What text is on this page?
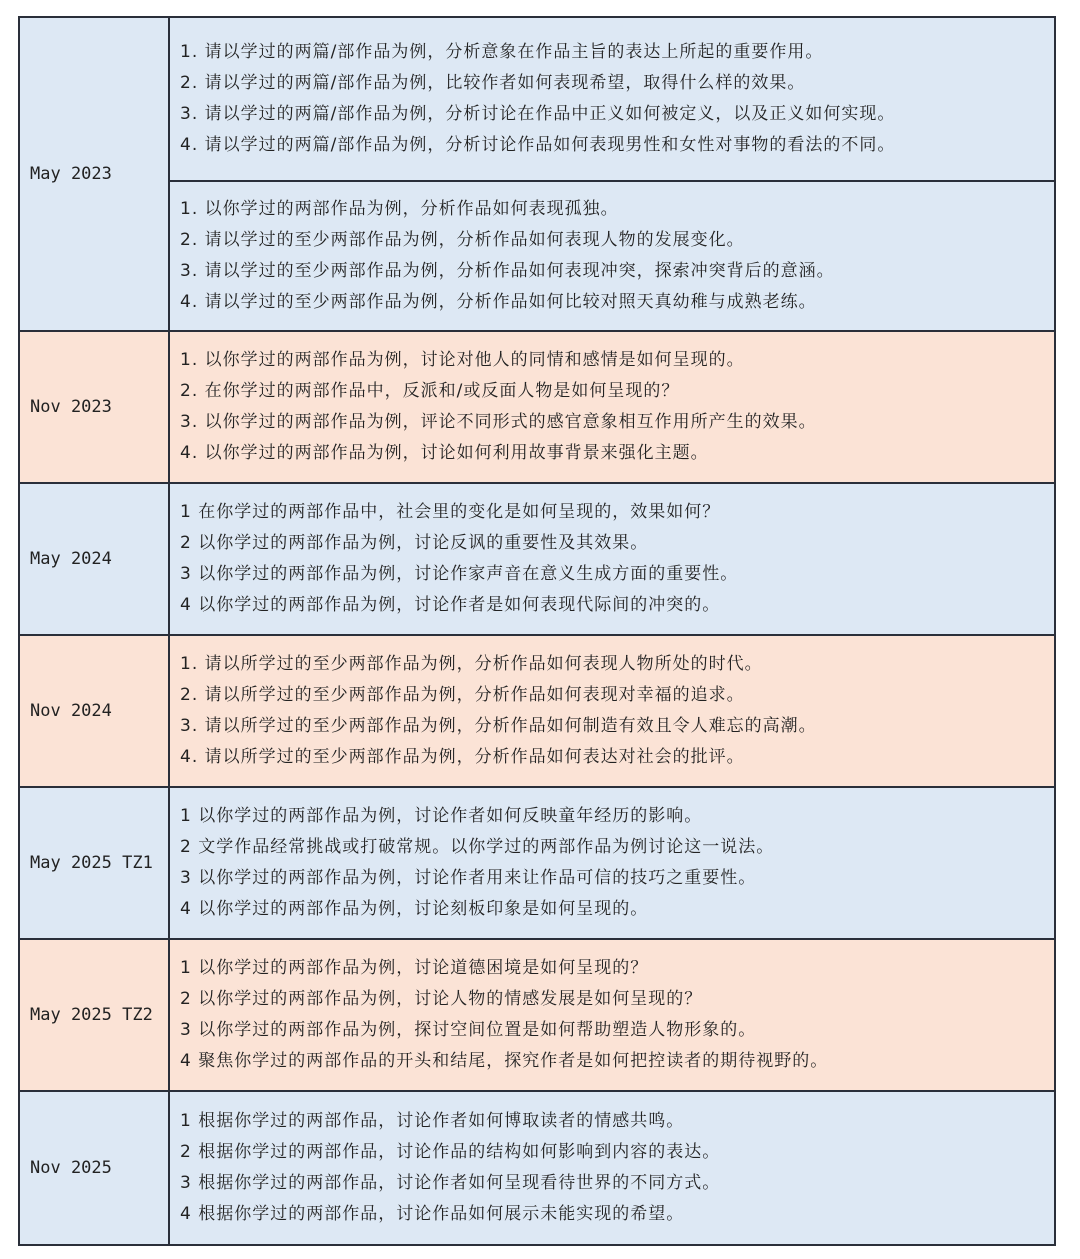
May 2023
1. 请以学过的两篇/部作品为例，分析意象在作品主旨的表达上所起的重要作用。
2. 请以学过的两篇/部作品为例，比较作者如何表现希望，取得什么样的效果。
3. 请以学过的两篇/部作品为例，分析讨论在作品中正义如何被定义，以及正义如何实现。
4. 请以学过的两篇/部作品为例，分析讨论作品如何表现男性和女性对事物的看法的不同。
1. 以你学过的两部作品为例，分析作品如何表现孤独。
2. 请以学过的至少两部作品为例，分析作品如何表现人物的发展变化。
3. 请以学过的至少两部作品为例，分析作品如何表现冲突，探索冲突背后的意涵。
4. 请以学过的至少两部作品为例，分析作品如何比较对照天真幼稚与成熟老练。
Nov 2023
1. 以你学过的两部作品为例，讨论对他人的同情和感情是如何呈现的。
2. 在你学过的两部作品中，反派和/或反面人物是如何呈现的？
3. 以你学过的两部作品为例，评论不同形式的感官意象相互作用所产生的效果。
4. 以你学过的两部作品为例，讨论如何利用故事背景来强化主题。
May 2024
1 在你学过的两部作品中，社会里的变化是如何呈现的，效果如何？
2 以你学过的两部作品为例，讨论反讽的重要性及其效果。
3 以你学过的两部作品为例，讨论作家声音在意义生成方面的重要性。
4 以你学过的两部作品为例，讨论作者是如何表现代际间的冲突的。
Nov 2024
1. 请以所学过的至少两部作品为例，分析作品如何表现人物所处的时代。
2. 请以所学过的至少两部作品为例，分析作品如何表现对幸福的追求。
3. 请以所学过的至少两部作品为例，分析作品如何制造有效且令人难忘的高潮。
4. 请以所学过的至少两部作品为例，分析作品如何表达对社会的批评。
May 2025 TZ1
1 以你学过的两部作品为例，讨论作者如何反映童年经历的影响。
2 文学作品经常挑战或打破常规。以你学过的两部作品为例讨论这一说法。
3 以你学过的两部作品为例，讨论作者用来让作品可信的技巧之重要性。
4 以你学过的两部作品为例，讨论刻板印象是如何呈现的。
May 2025 TZ2
1 以你学过的两部作品为例，讨论道德困境是如何呈现的？
2 以你学过的两部作品为例，讨论人物的情感发展是如何呈现的？
3 以你学过的两部作品为例，探讨空间位置是如何帮助塑造人物形象的。
4 聚焦你学过的两部作品的开头和结尾，探究作者是如何把控读者的期待视野的。
Nov 2025
1 根据你学过的两部作品，讨论作者如何博取读者的情感共鸣。
2 根据你学过的两部作品，讨论作品的结构如何影响到内容的表达。
3 根据你学过的两部作品，讨论作者如何呈现看待世界的不同方式。
4 根据你学过的两部作品，讨论作品如何展示未能实现的希望。
